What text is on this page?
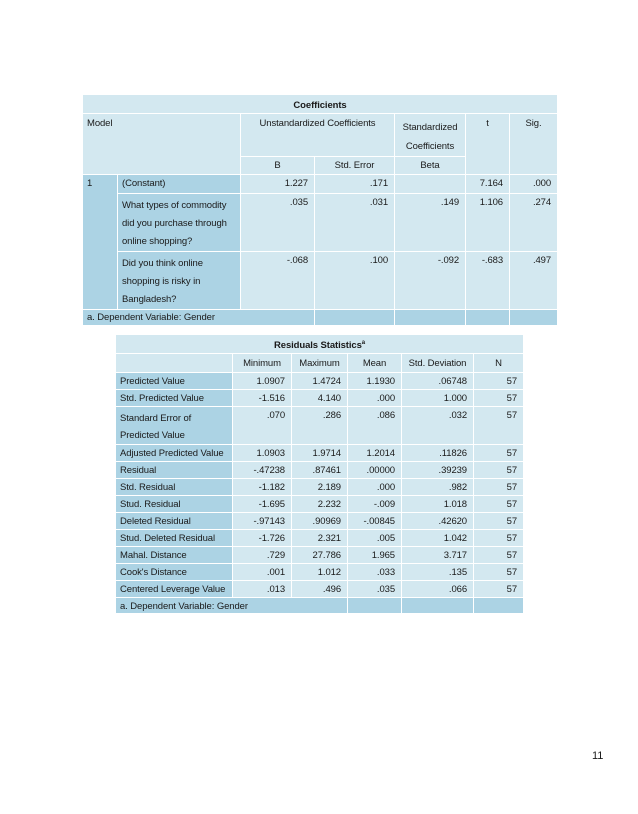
Coefficients						
Model		Unstandardized Coefficients		Standardized
Coefficients	t	Sig.
		B	Std. Error	Beta		
1	(Constant)	1.227	.171		7.164	.000

	What types of commodity
did you purchase through
online shopping?	.035	.031	.149	1.106	.274

	Did you think online
shopping is risky in
Bangladesh?	-.068	.100	-.092	-.683	.497
a. Dependent Variable: Gender						
Residuals Statistics$^a$
	Minimum	Maximum	Mean	Std. Deviation	N
Predicted Value	1.0907	1.4724	1.1930	.06748	57
Std. Predicted Value	-1.516	4.140	.000	1.000	57

Standard Error of
Predicted Value	.070	.286	.086	.032	57
Adjusted Predicted Value	1.0903	1.9714	1.2014	.11826	57
Residual	-.47238	.87461	.00000	.39239	57
Std. Residual	-1.182	2.189	.000	.982	57
Stud. Residual	-1.695	2.232	-.009	1.018	57
Deleted Residual	-.97143	.90969	-.00845	.42620	57
Stud. Deleted Residual	-1.726	2.321	.005	1.042	57
Mahal. Distance	.729	27.786	1.965	3.717	57
Cook's Distance	.001	1.012	.033	.135	57
Centered Leverage Value	.013	.496	.035	.066	57
a. Dependent Variable: Gender					
11
